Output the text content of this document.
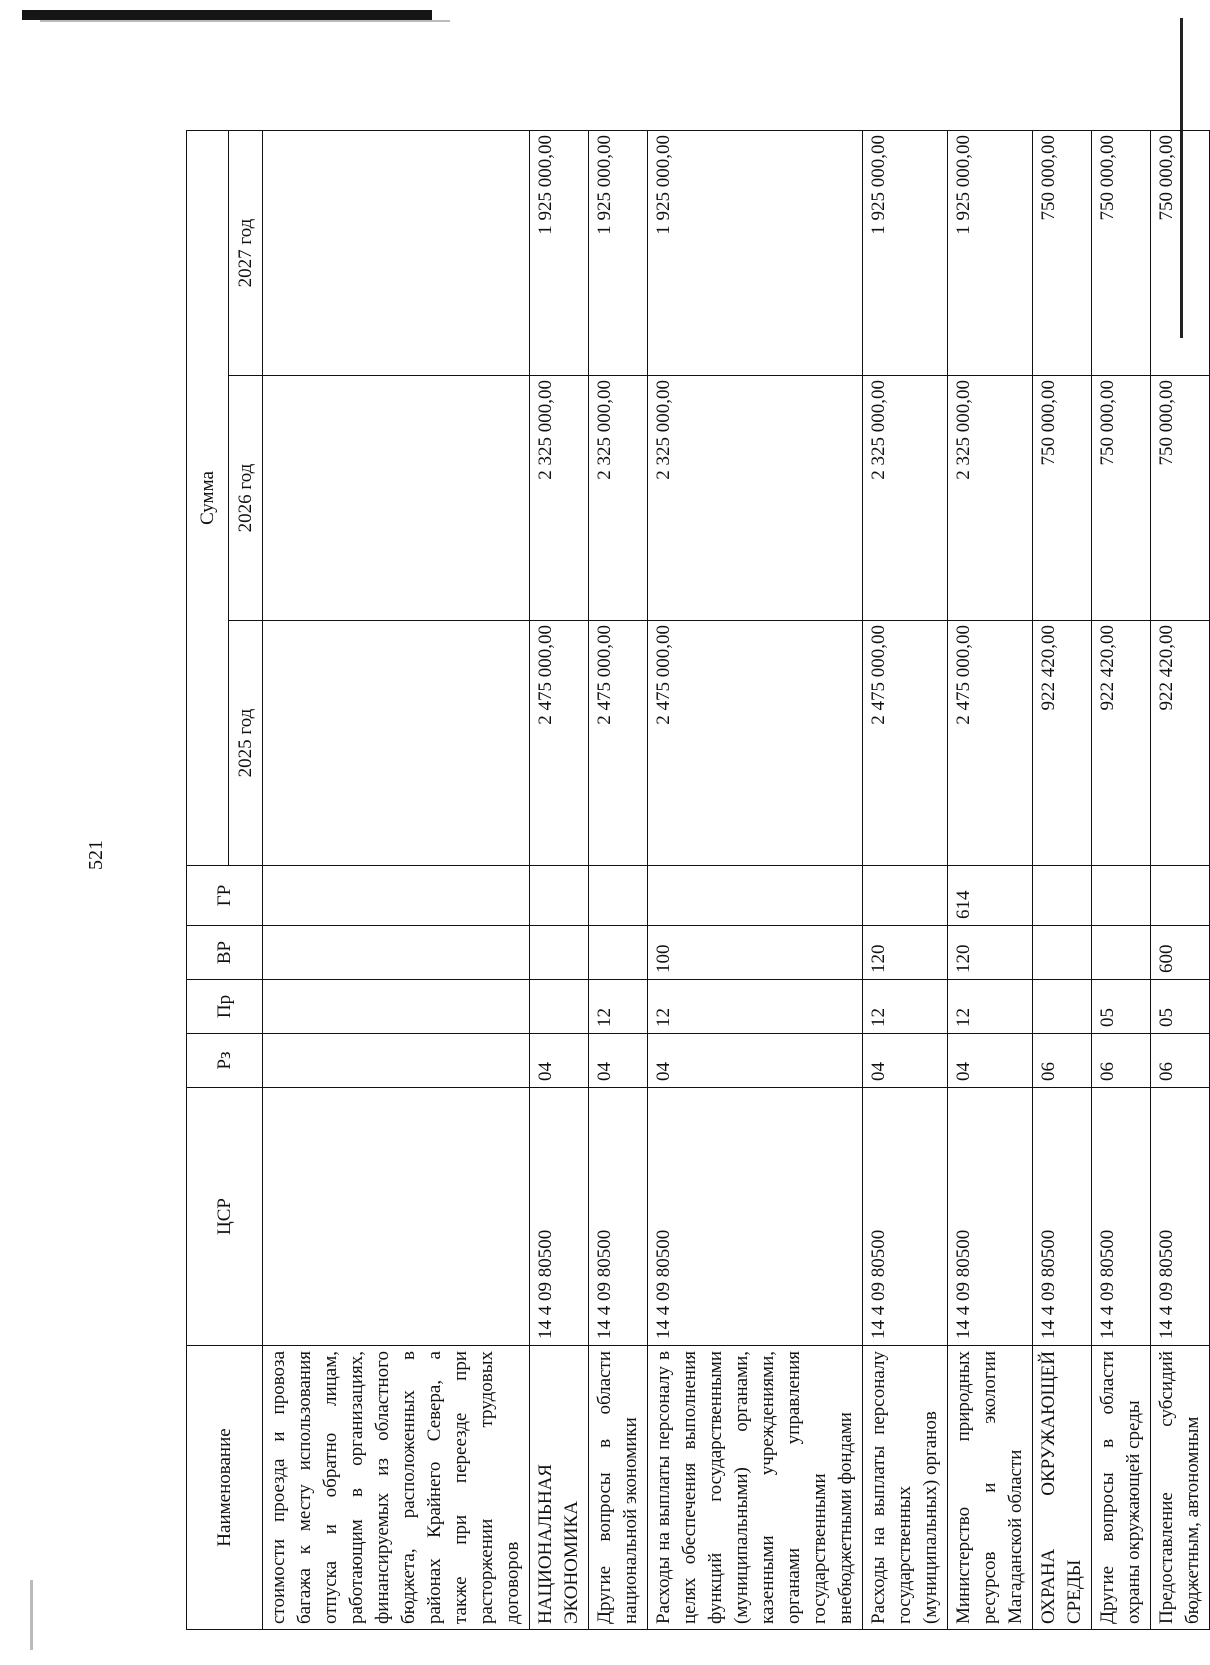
521
Наименование	ЦСР	Рз	Пр	ВР	ГР	Сумма		
						2025 год	2026 год	2027 год
стоимости проезда и провоза багажа к месту использования отпуска и обратно лицам, работающим в организациях, финансируемых из областного бюджета, расположенных в районах Крайнего Севера, а также при переезде при расторжении трудовых договоров								
НАЦИОНАЛЬНАЯ ЭКОНОМИКА	14 4 09 80500	04				2 475 000,00	2 325 000,00	1 925 000,00
Другие вопросы в области национальной экономики	14 4 09 80500	04	12			2 475 000,00	2 325 000,00	1 925 000,00
Расходы на выплаты персоналу в целях обеспечения выполнения функций государственными (муниципальными) органами, казенными учреждениями, органами управления государственными внебюджетными фондами	14 4 09 80500	04	12	100		2 475 000,00	2 325 000,00	1 925 000,00
Расходы на выплаты персоналу государственных (муниципальных) органов	14 4 09 80500	04	12	120		2 475 000,00	2 325 000,00	1 925 000,00
Министерство природных ресурсов и экологии Магаданской области	14 4 09 80500	04	12	120	614	2 475 000,00	2 325 000,00	1 925 000,00
ОХРАНА ОКРУЖАЮЩЕЙ СРЕДЫ	14 4 09 80500	06				922 420,00	750 000,00	750 000,00
Другие вопросы в области охраны окружающей среды	14 4 09 80500	06	05			922 420,00	750 000,00	750 000,00
Предоставление субсидий бюджетным, автономным	14 4 09 80500	06	05	600		922 420,00	750 000,00	750 000,00
